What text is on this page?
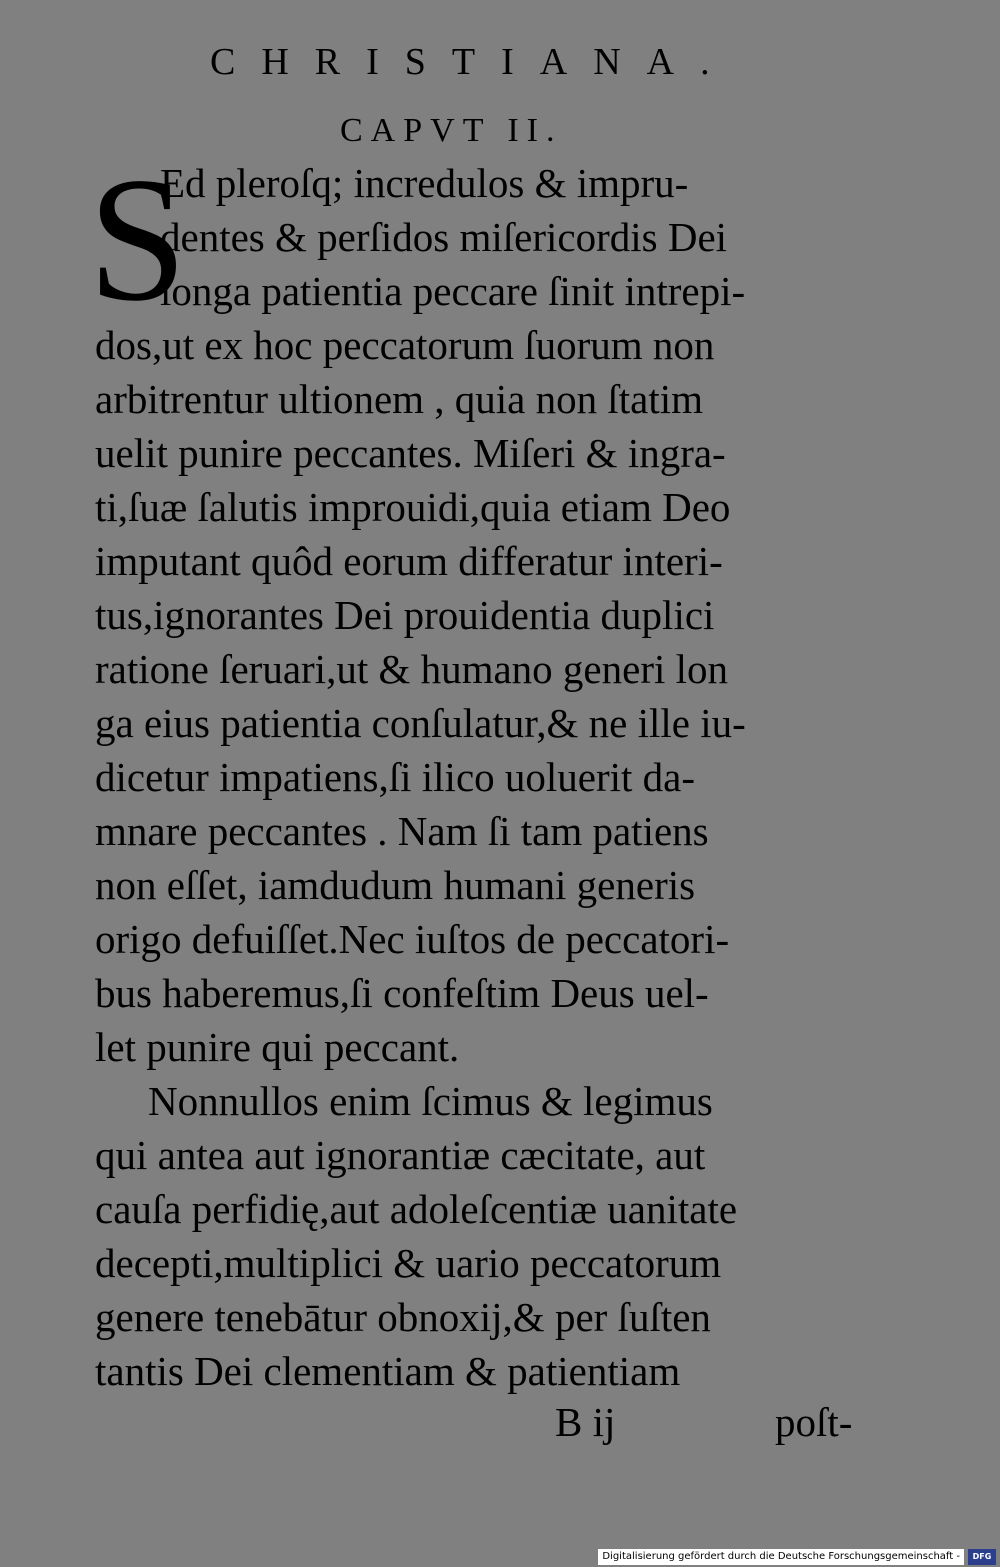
CHRISTIANA.
CAPVT II.
S
Ed pleroſq; incredulos & impru-
dentes & perſidos miſericordis Dei
longa patientia peccare ſinit intrepi-
dos,ut ex hoc peccatorum ſuorum non
arbitrentur ultionem , quia non ſtatim
uelit punire peccantes. Miſeri & ingra-
ti,ſuæ ſalutis improuidi,quia etiam Deo
imputant quôd eorum differatur interi-
tus,ignorantes Dei prouidentia duplici
ratione ſeruari,ut & humano generi lon
ga eius patientia conſulatur,& ne ille iu-
dicetur impatiens,ſi ilico uoluerit da-
mnare peccantes . Nam ſi tam patiens
non eſſet, iamdudum humani generis
origo defuiſſet.Nec iuſtos de peccatori-
bus haberemus,ſi confeſtim Deus uel-
let punire qui peccant.
Nonnullos enim ſcimus & legimus
qui antea aut ignorantiæ cæcitate, aut
cauſa perfidię,aut adoleſcentiæ uanitate
decepti,multiplici & uario peccatorum
genere tenebātur obnoxij,& per ſuſten
tantis Dei clementiam & patientiam
B ij	poſt-
Digitalisierung gefördert durch die Deutsche Forschungsgemeinschaft -	DFG
